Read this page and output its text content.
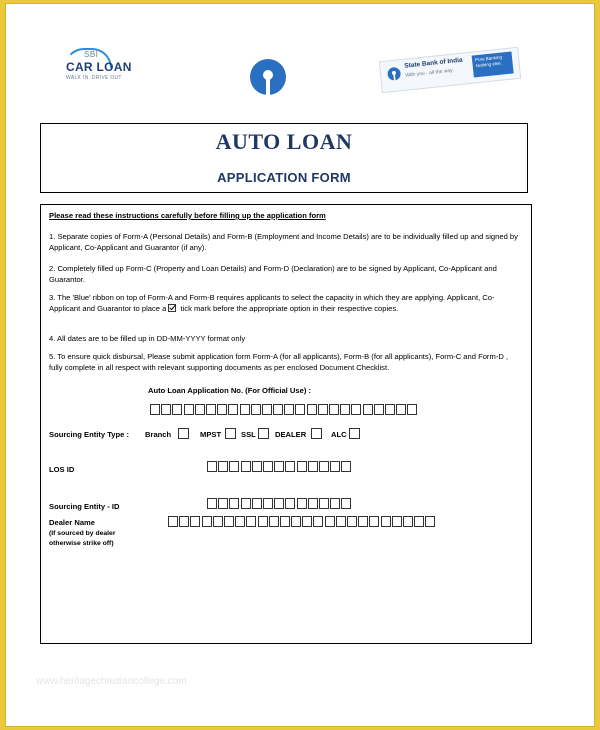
SBI
CAR LOAN
WALK IN. DRIVE OUT
State Bank of India
With you - all the way
Pure Banking Nothing else.
AUTO LOAN
APPLICATION FORM
Please read these instructions carefully before filling up the application form
1. Separate copies of Form-A (Personal Details) and Form-B (Employment and Income Details) are to be individually filled up and signed by Applicant, Co-Applicant and Guarantor (if any).
2. Completely filled up Form-C (Property and Loan Details) and Form-D (Declaration) are to be signed by Applicant, Co-Applicant and Guarantor.
3. The 'Blue' ribbon on top of Form-A and Form-B requires applicants to select the capacity in which they are applying. Applicant, Co-Applicant and Guarantor to place a tick mark before the appropriate option in their respective copies.
4. All dates are to be filled up in DD-MM-YYYY format only
5. To ensure quick disbursal, Please submit application form Form-A (for all applicants), Form-B (for all applicants), Form-C and Form-D , fully complete in all respect with relevant supporting documents as per enclosed Document Checklist.
Auto Loan Application No. (For Official Use) :
Sourcing Entity Type : Branch	MPST	SSL	DEALER	ALC
LOS ID
Sourcing Entity - ID
Dealer Name
(If sourced by dealer
otherwise strike off)
www.heritagechristiancollege.com
